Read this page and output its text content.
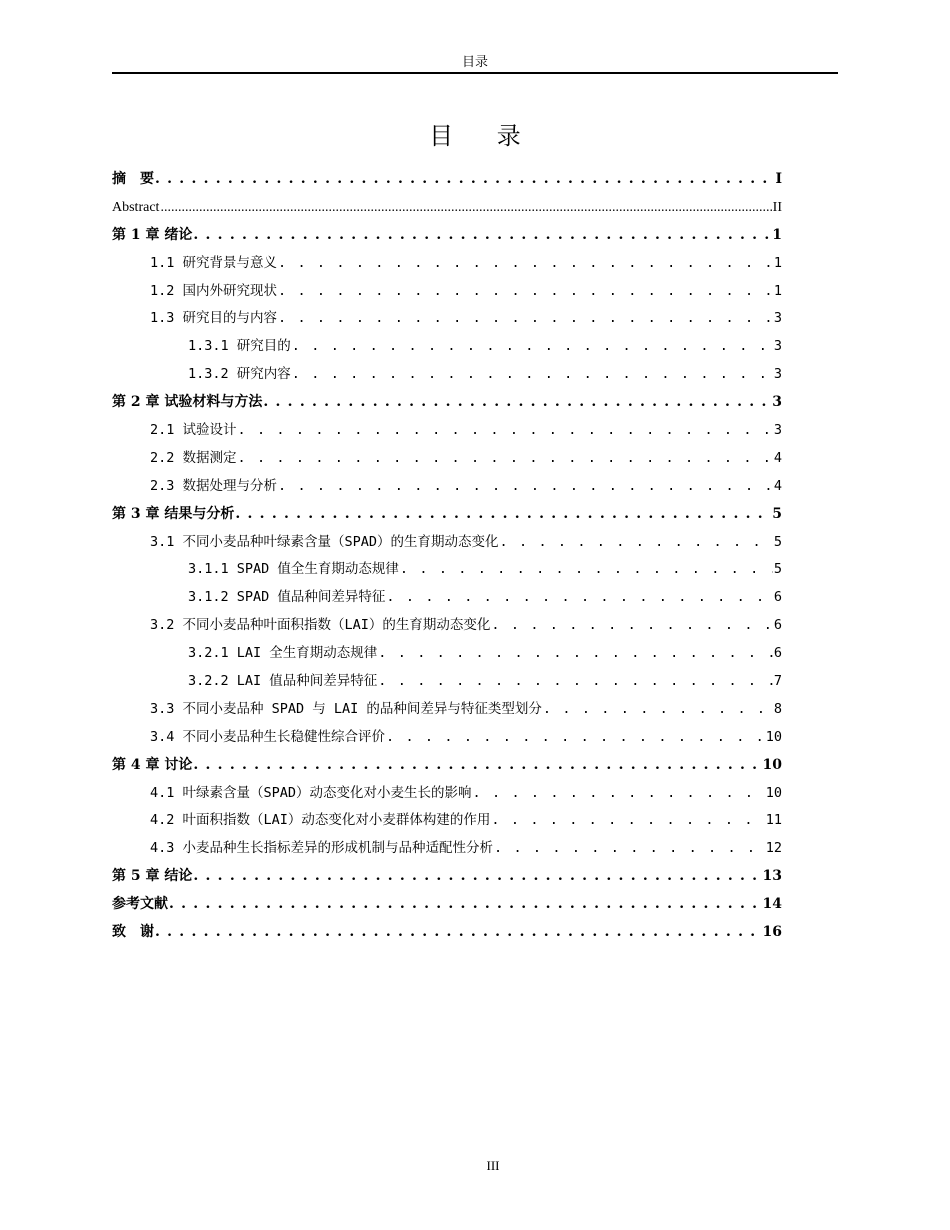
目录
目 录
摘　要 . . .	I
Abstract .....	II
第 1 章 绪论 . . .	1
1.1 研究背景与意义 . . .	1
1.2 国内外研究现状 . . .	1
1.3 研究目的与内容 . . .	3
1.3.1 研究目的 . . .	3
1.3.2 研究内容 . . .	3
第 2 章 试验材料与方法 . . .	3
2.1 试验设计 . . .	3
2.2 数据测定 . . .	4
2.3 数据处理与分析 . . .	4
第 3 章 结果与分析 . . .	5
3.1 不同小麦品种叶绿素含量（SPAD）的生育期动态变化 . . .	5
3.1.1 SPAD 值全生育期动态规律 . . .	5
3.1.2 SPAD 值品种间差异特征 . . .	6
3.2 不同小麦品种叶面积指数（LAI）的生育期动态变化 . . .	6
3.2.1 LAI 全生育期动态规律 . . .	6
3.2.2 LAI 值品种间差异特征 . . .	7
3.3 不同小麦品种 SPAD 与 LAI 的品种间差异与特征类型划分 . . .	8
3.4 不同小麦品种生长稳健性综合评价 . . .	10
第 4 章 讨论 . . .	10
4.1 叶绿素含量（SPAD）动态变化对小麦生长的影响 . . .	10
4.2 叶面积指数（LAI）动态变化对小麦群体构建的作用 . . .	11
4.3 小麦品种生长指标差异的形成机制与品种适配性分析 . . .	12
第 5 章 结论 . . .	13
参考文献 . . .	14
致　谢 . . .	16
III
